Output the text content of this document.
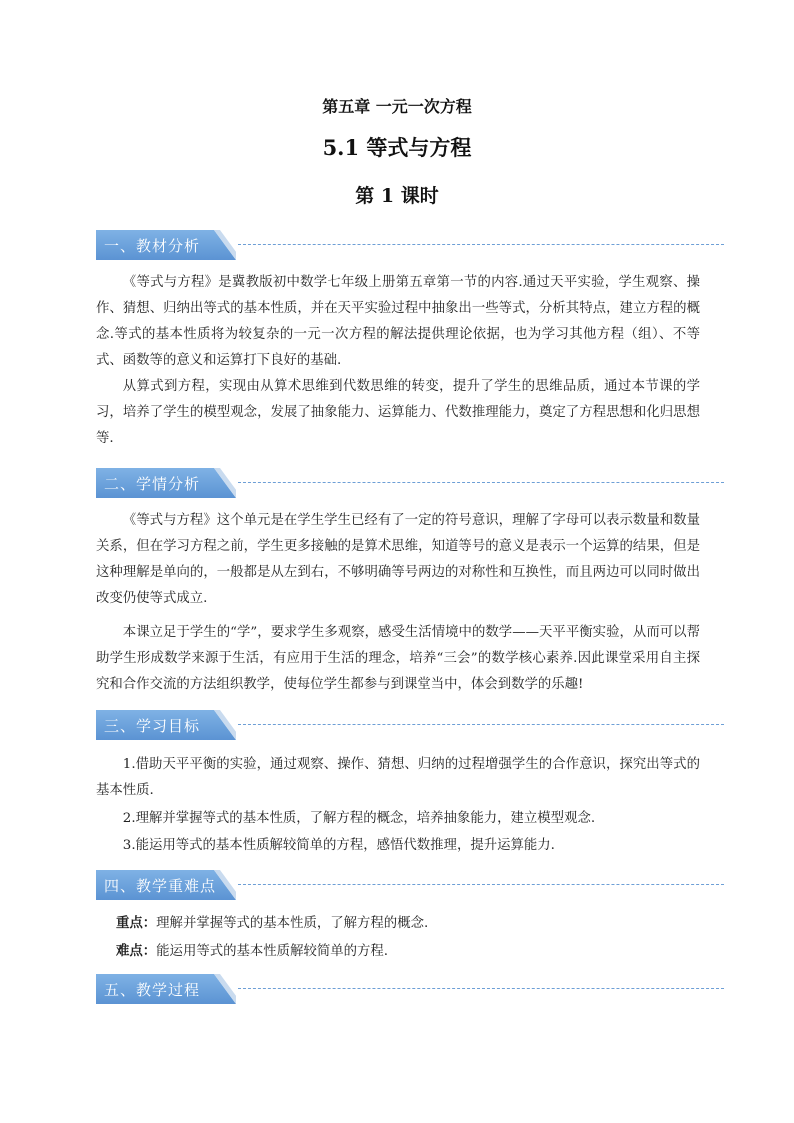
第五章 一元一次方程
5.1 等式与方程
第 1 课时
一、教材分析
《等式与方程》是冀教版初中数学七年级上册第五章第一节的内容.通过天平实验，学生观察、操作、猜想、归纳出等式的基本性质，并在天平实验过程中抽象出一些等式，分析其特点，建立方程的概念.等式的基本性质将为较复杂的一元一次方程的解法提供理论依据，也为学习其他方程（组）、不等式、函数等的意义和运算打下良好的基础.
从算式到方程，实现由从算术思维到代数思维的转变，提升了学生的思维品质，通过本节课的学习，培养了学生的模型观念，发展了抽象能力、运算能力、代数推理能力，奠定了方程思想和化归思想等.
二、学情分析
《等式与方程》这个单元是在学生学生已经有了一定的符号意识，理解了字母可以表示数量和数量关系，但在学习方程之前，学生更多接触的是算术思维，知道等号的意义是表示一个运算的结果，但是这种理解是单向的，一般都是从左到右，不够明确等号两边的对称性和互换性，而且两边可以同时做出改变仍使等式成立.
本课立足于学生的“学”，要求学生多观察，感受生活情境中的数学——天平平衡实验，从而可以帮助学生形成数学来源于生活，有应用于生活的理念，培养“三会”的数学核心素养.因此课堂采用自主探究和合作交流的方法组织教学，使每位学生都参与到课堂当中，体会到数学的乐趣!
三、学习目标
1.借助天平平衡的实验，通过观察、操作、猜想、归纳的过程增强学生的合作意识，探究出等式的基本性质.
2.理解并掌握等式的基本性质，了解方程的概念，培养抽象能力，建立模型观念.
3.能运用等式的基本性质解较简单的方程，感悟代数推理，提升运算能力.
四、教学重难点
重点：理解并掌握等式的基本性质，了解方程的概念.
难点：能运用等式的基本性质解较简单的方程.
五、教学过程
